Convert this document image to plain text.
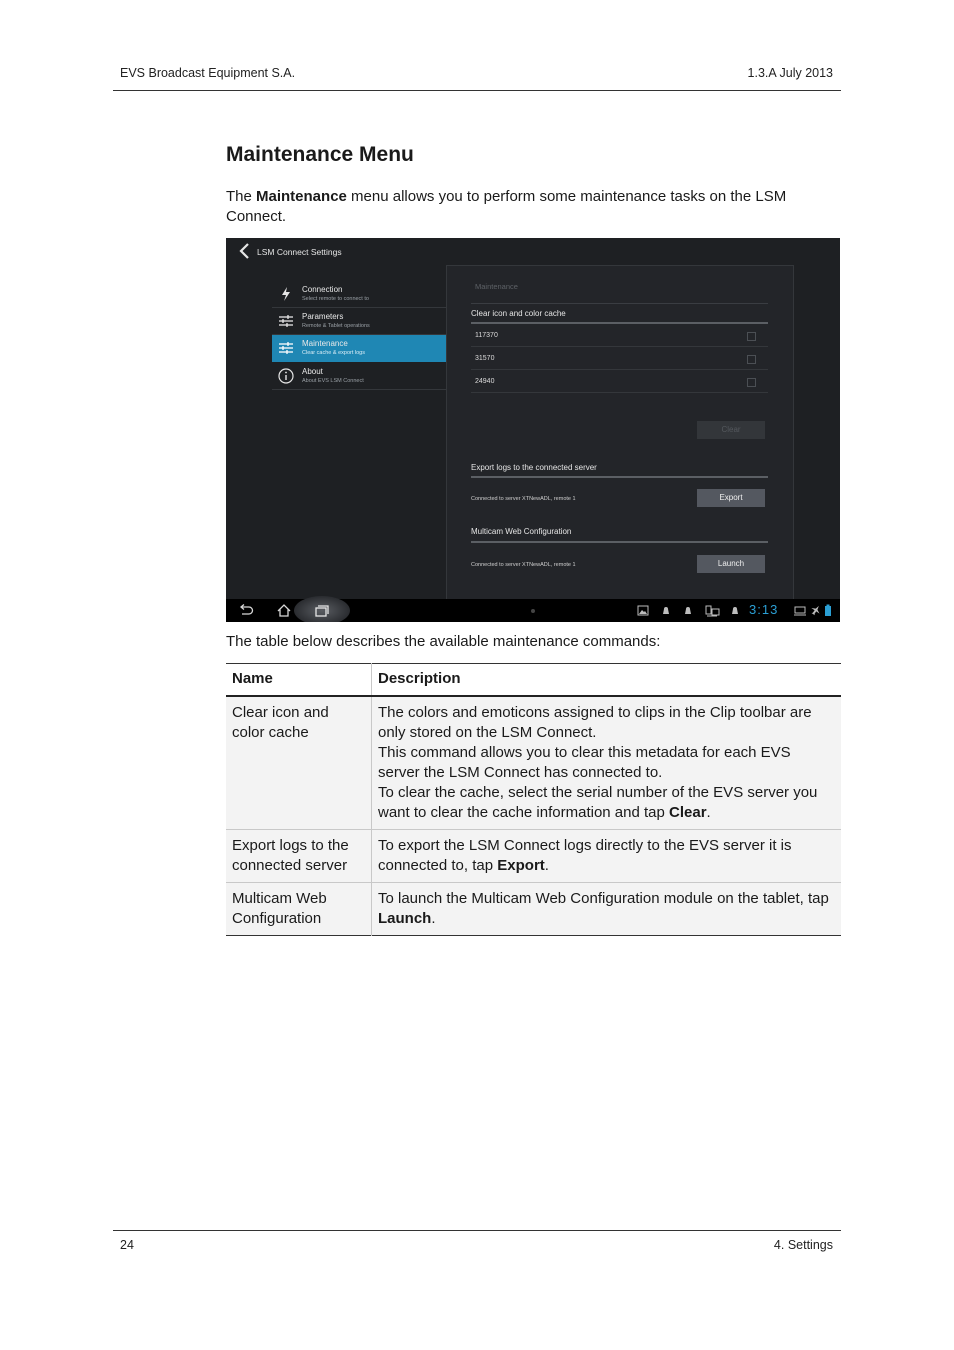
EVS Broadcast Equipment S.A.	1.3.A July 2013
Maintenance Menu

The Maintenance menu allows you to perform some maintenance tasks on the LSM Connect.

LSM Connect Settings
Connection
Select remote to connect to
Parameters
Remote & Tablet operations
Maintenance
Clear cache & export logs
About
About EVS LSM Connect
Maintenance
Clear icon and color cache
117370
31570
24940
Clear
Export logs to the connected server
Connected to server XTNewADL, remote 1	Export
Multicam Web Configuration
Connected to server XTNewADL, remote 1	Launch
3:13

The table below describes the available maintenance commands:

Name	Description
Clear icon and color cache	The colors and emoticons assigned to clips in the Clip toolbar are only stored on the LSM Connect.
This command allows you to clear this metadata for each EVS server the LSM Connect has connected to.
To clear the cache, select the serial number of the EVS server you want to clear the cache information and tap Clear.

Export logs to the connected server	To export the LSM Connect logs directly to the EVS server it is connected to, tap Export.
Multicam Web Configuration	To launch the Multicam Web Configuration module on the tablet, tap Launch.
24	4. Settings
